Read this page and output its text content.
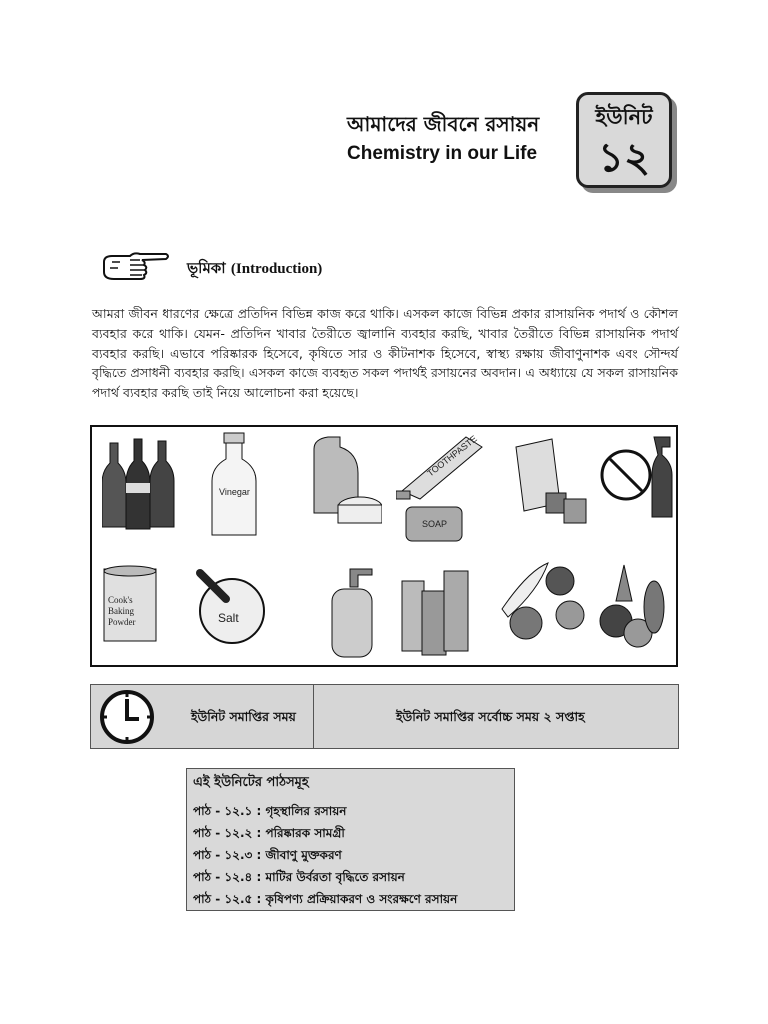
আমাদের জীবনে রসায়ন
Chemistry in our Life
ইউনিট
১২
ভূমিকা (Introduction)
আমরা জীবন ধারণের ক্ষেত্রে প্রতিদিন বিভিন্ন কাজ করে থাকি। এসকল কাজে বিভিন্ন প্রকার রাসায়নিক পদার্থ ও কৌশল ব্যবহার করে থাকি। যেমন- প্রতিদিন খাবার তৈরীতে জ্বালানি ব্যবহার করছি, খাবার তৈরীতে বিভিন্ন রাসায়নিক পদার্থ ব্যবহার করছি। এভাবে পরিষ্কারক হিসেবে, কৃষিতে সার ও কীটনাশক হিসেবে, স্বাস্থ্য রক্ষায় জীবাণুনাশক এবং সৌন্দর্য বৃদ্ধিতে প্রসাধনী ব্যবহার করছি। এসকল কাজে ব্যবহৃত সকল পদার্থই রসায়নের অবদান। এ অধ্যায়ে যে সকল রাসায়নিক পদার্থ ব্যবহার করছি তাই নিয়ে আলোচনা করা হয়েছে।
Vinegar
TOOTHPASTE
SOAP
Cook's
Baking
Powder	Salt
ইউনিট সমাপ্তির সময়	ইউনিট সমাপ্তির সর্বোচ্চ সময় ২ সপ্তাহ
এই ইউনিটের পাঠসমূহ
পাঠ - ১২.১ : গৃহস্থালির রসায়ন
পাঠ - ১২.২ : পরিষ্কারক সামগ্রী
পাঠ - ১২.৩ : জীবাণু মুক্তকরণ
পাঠ - ১২.৪ : মাটির উর্বরতা বৃদ্ধিতে রসায়ন
পাঠ - ১২.৫ : কৃষিপণ্য প্রক্রিয়াকরণ ও সংরক্ষণে রসায়ন
